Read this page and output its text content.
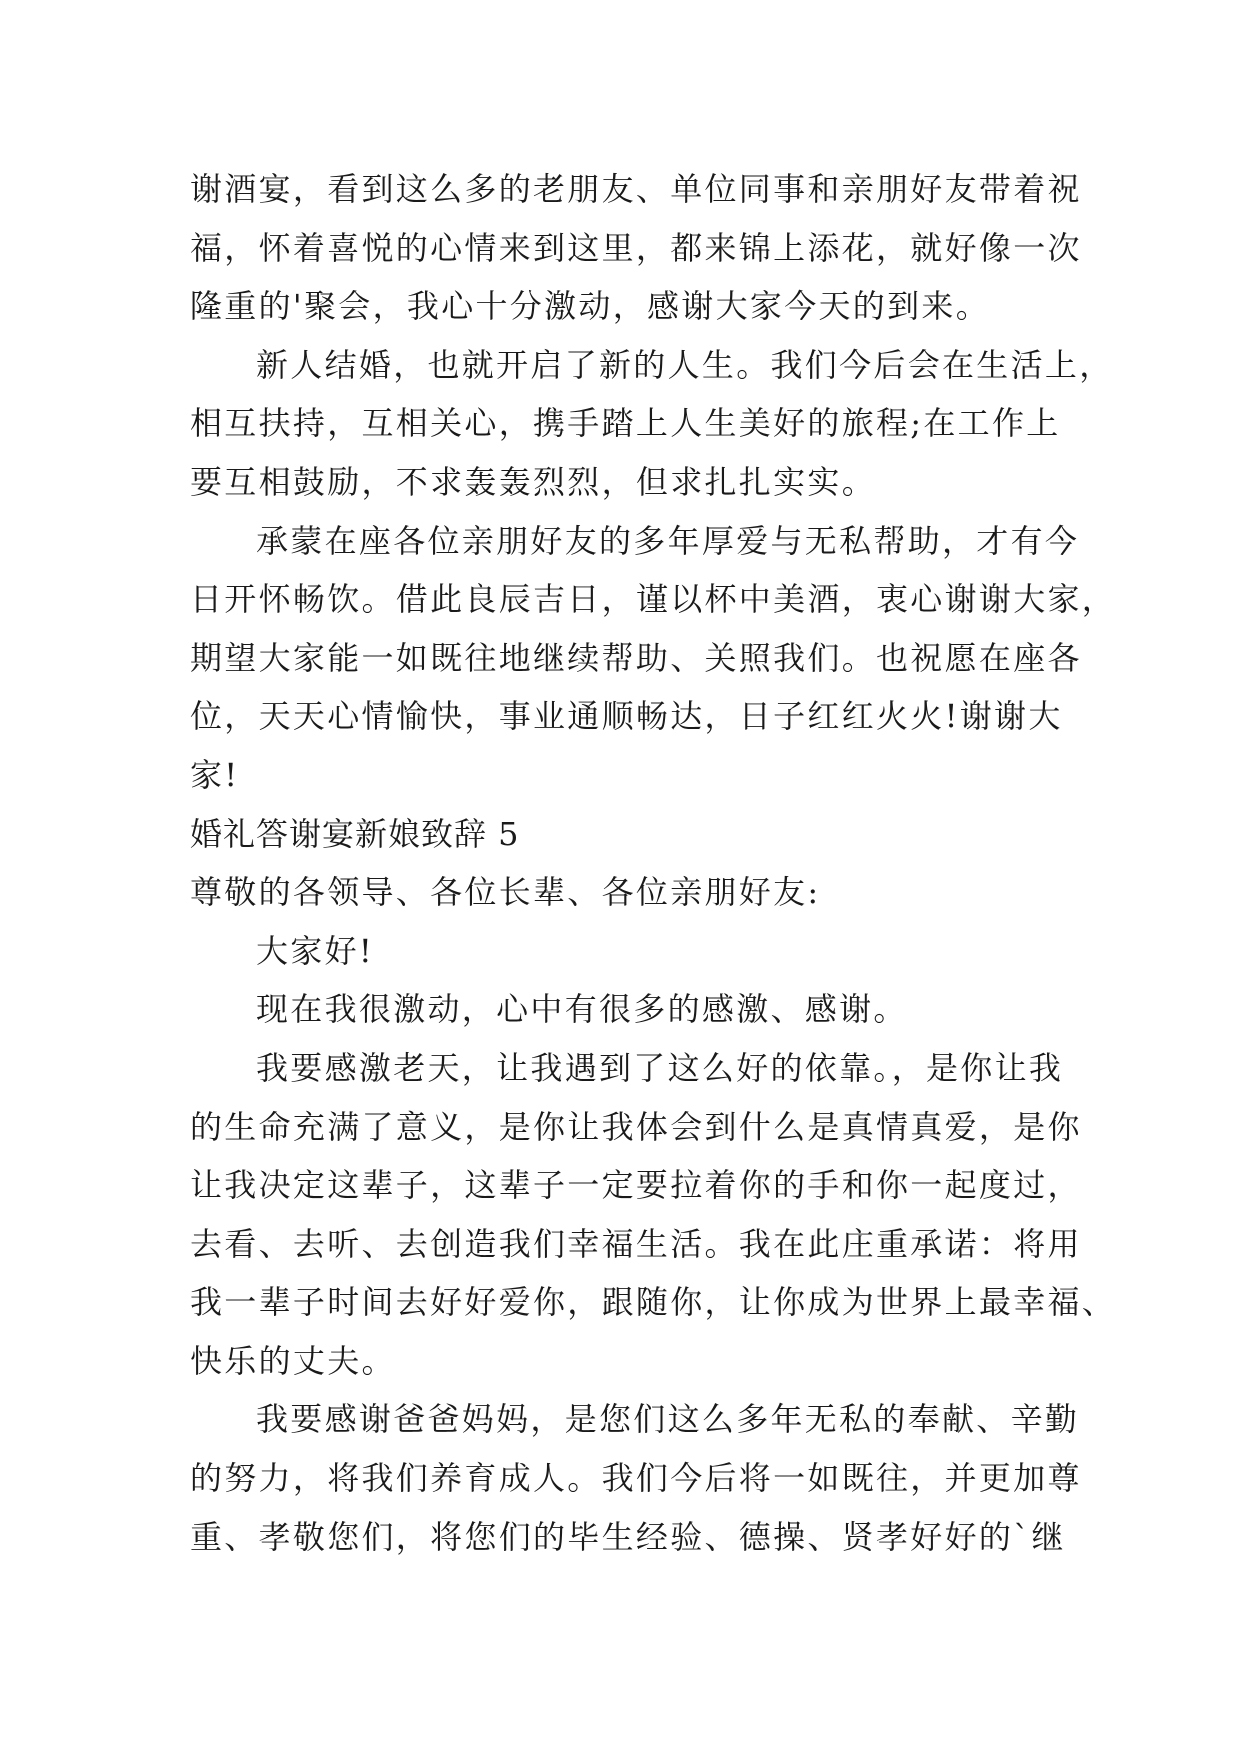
谢酒宴，看到这么多的老朋友、单位同事和亲朋好友带着祝
福，怀着喜悦的心情来到这里，都来锦上添花，就好像一次
隆重的'聚会，我心十分激动，感谢大家今天的到来。
新人结婚，也就开启了新的人生。我们今后会在生活上，
相互扶持，互相关心，携手踏上人生美好的旅程;在工作上
要互相鼓励，不求轰轰烈烈，但求扎扎实实。
承蒙在座各位亲朋好友的多年厚爱与无私帮助，才有今
日开怀畅饮。借此良辰吉日，谨以杯中美酒，衷心谢谢大家，
期望大家能一如既往地继续帮助、关照我们。也祝愿在座各
位，天天心情愉快，事业通顺畅达，日子红红火火!谢谢大
家!
婚礼答谢宴新娘致辞 5
尊敬的各领导、各位长辈、各位亲朋好友:
大家好!
现在我很激动，心中有很多的感激、感谢。
我要感激老天，让我遇到了这么好的依靠。，是你让我
的生命充满了意义，是你让我体会到什么是真情真爱，是你
让我决定这辈子，这辈子一定要拉着你的手和你一起度过，
去看、去听、去创造我们幸福生活。我在此庄重承诺：将用
我一辈子时间去好好爱你，跟随你，让你成为世界上最幸福、
快乐的丈夫。
我要感谢爸爸妈妈，是您们这么多年无私的奉献、辛勤
的努力，将我们养育成人。我们今后将一如既往，并更加尊
重、孝敬您们，将您们的毕生经验、德操、贤孝好好的`继
